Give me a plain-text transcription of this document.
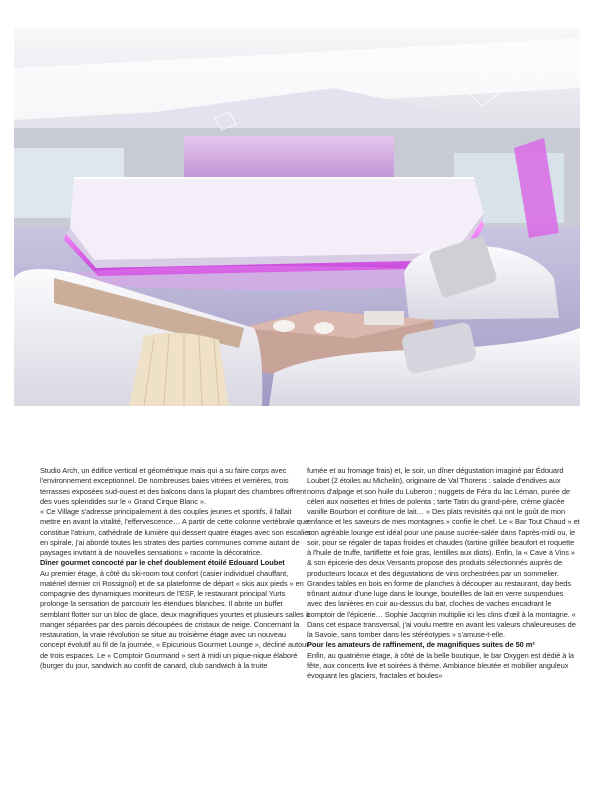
Studio Arch, un édifice vertical et géométrique mais qui a su faire corps avec l'environnement exceptionnel. De nombreuses baies vitrées et verrières, trois terrasses exposées sud-ouest et des balcons dans la plupart des chambres offrent des vues splendides sur le « Grand Cirque Blanc ».

« Ce Village s'adresse principalement à des couples jeunes et sportifs, il fallait mettre en avant la vitalité, l'effervescence… A partir de cette colonne vertébrale que constitue l'atrium, cathédrale de lumière qui dessert quatre étages avec son escalier en spirale, j'ai abordé toutes les strates des parties communes comme autant de paysages invitant à de nouvelles sensations » raconte la décoratrice.

Dîner gourmet concocté par le chef doublement étoilé Edouard Loubet

Au premier étage, à côté du ski-room tout confort (casier individuel chauffant, matériel dernier cri Rossignol) et de sa plateforme de départ « skis aux pieds » en compagnie des dynamiques moniteurs de l'ESF, le restaurant principal Yurts prolonge la sensation de parcourir les étendues blanches. Il abrite un buffet semblant flotter sur un bloc de glace, deux magnifiques yourtes et plusieurs salles à manger séparées par des parois découpées de cristaux de neige. Concernant la restauration, la vraie révolution se situe au troisième étage avec un nouveau concept évolutif au fil de la journée, « Epicurious Gourmet Lounge », décliné autour de trois espaces. Le « Comptoir Gourmand » sert à midi un pique-nique élaboré (burger du jour, sandwich au confit de canard, club sandwich à la truite

fumée et au fromage frais) et, le soir, un dîner dégustation imaginé par Édouard Loubet (2 étoiles au Michelin), originaire de Val Thorens : salade d'endives aux noms d'alpage et son huile du Luberon ; nuggets de Féra du lac Léman, purée de céleri aux noisettes et frites de polenta ; tarte Tatin du grand-père, crème glacée vanille Bourbon et confiture de lait… « Des plats revisités qui ont le goût de mon enfance et les saveurs de mes montagnes » confie le chef. Le « Bar Tout Chaud » et son agréable lounge est idéal pour une pause sucrée-salée dans l'après-midi ou, le soir, pour se régaler de tapas froides et chaudes (tartine grillée beaufort et roquette à l'huile de truffe, tartiflette et foie gras, lentilles aux diots). Enfin, la « Cave à Vins » & son épicerie des deux Versants propose des produits sélectionnés auprès de producteurs locaux et des dégustations de vins orchestrées par un sommelier. Grandes tables en bois en forme de planches à découper au restaurant, day beds trônant autour d'une luge dans le lounge, bouteilles de lait en verre suspendues avec des lanières en cuir au-dessus du bar, cloches de vaches encadrant le comptoir de l'épicerie… Sophie Jacqmin multiplie ici les clins d'œil à la montagne. « Dans cet espace transversal, j'ai voulu mettre en avant les valeurs chaleureuses de la Savoie, sans tomber dans les stéréotypes » s'amuse-t-elle.

Pour les amateurs de raffinement, de magnifiques suites de 50 m²

Enfin, au quatrième étage, à côté de la belle boutique, le bar Oxygen est dédié à la fête, aux concerts live et soirées à thème. Ambiance bleutée et mobilier anguleux évoquant les glaciers, fractales et boules»
